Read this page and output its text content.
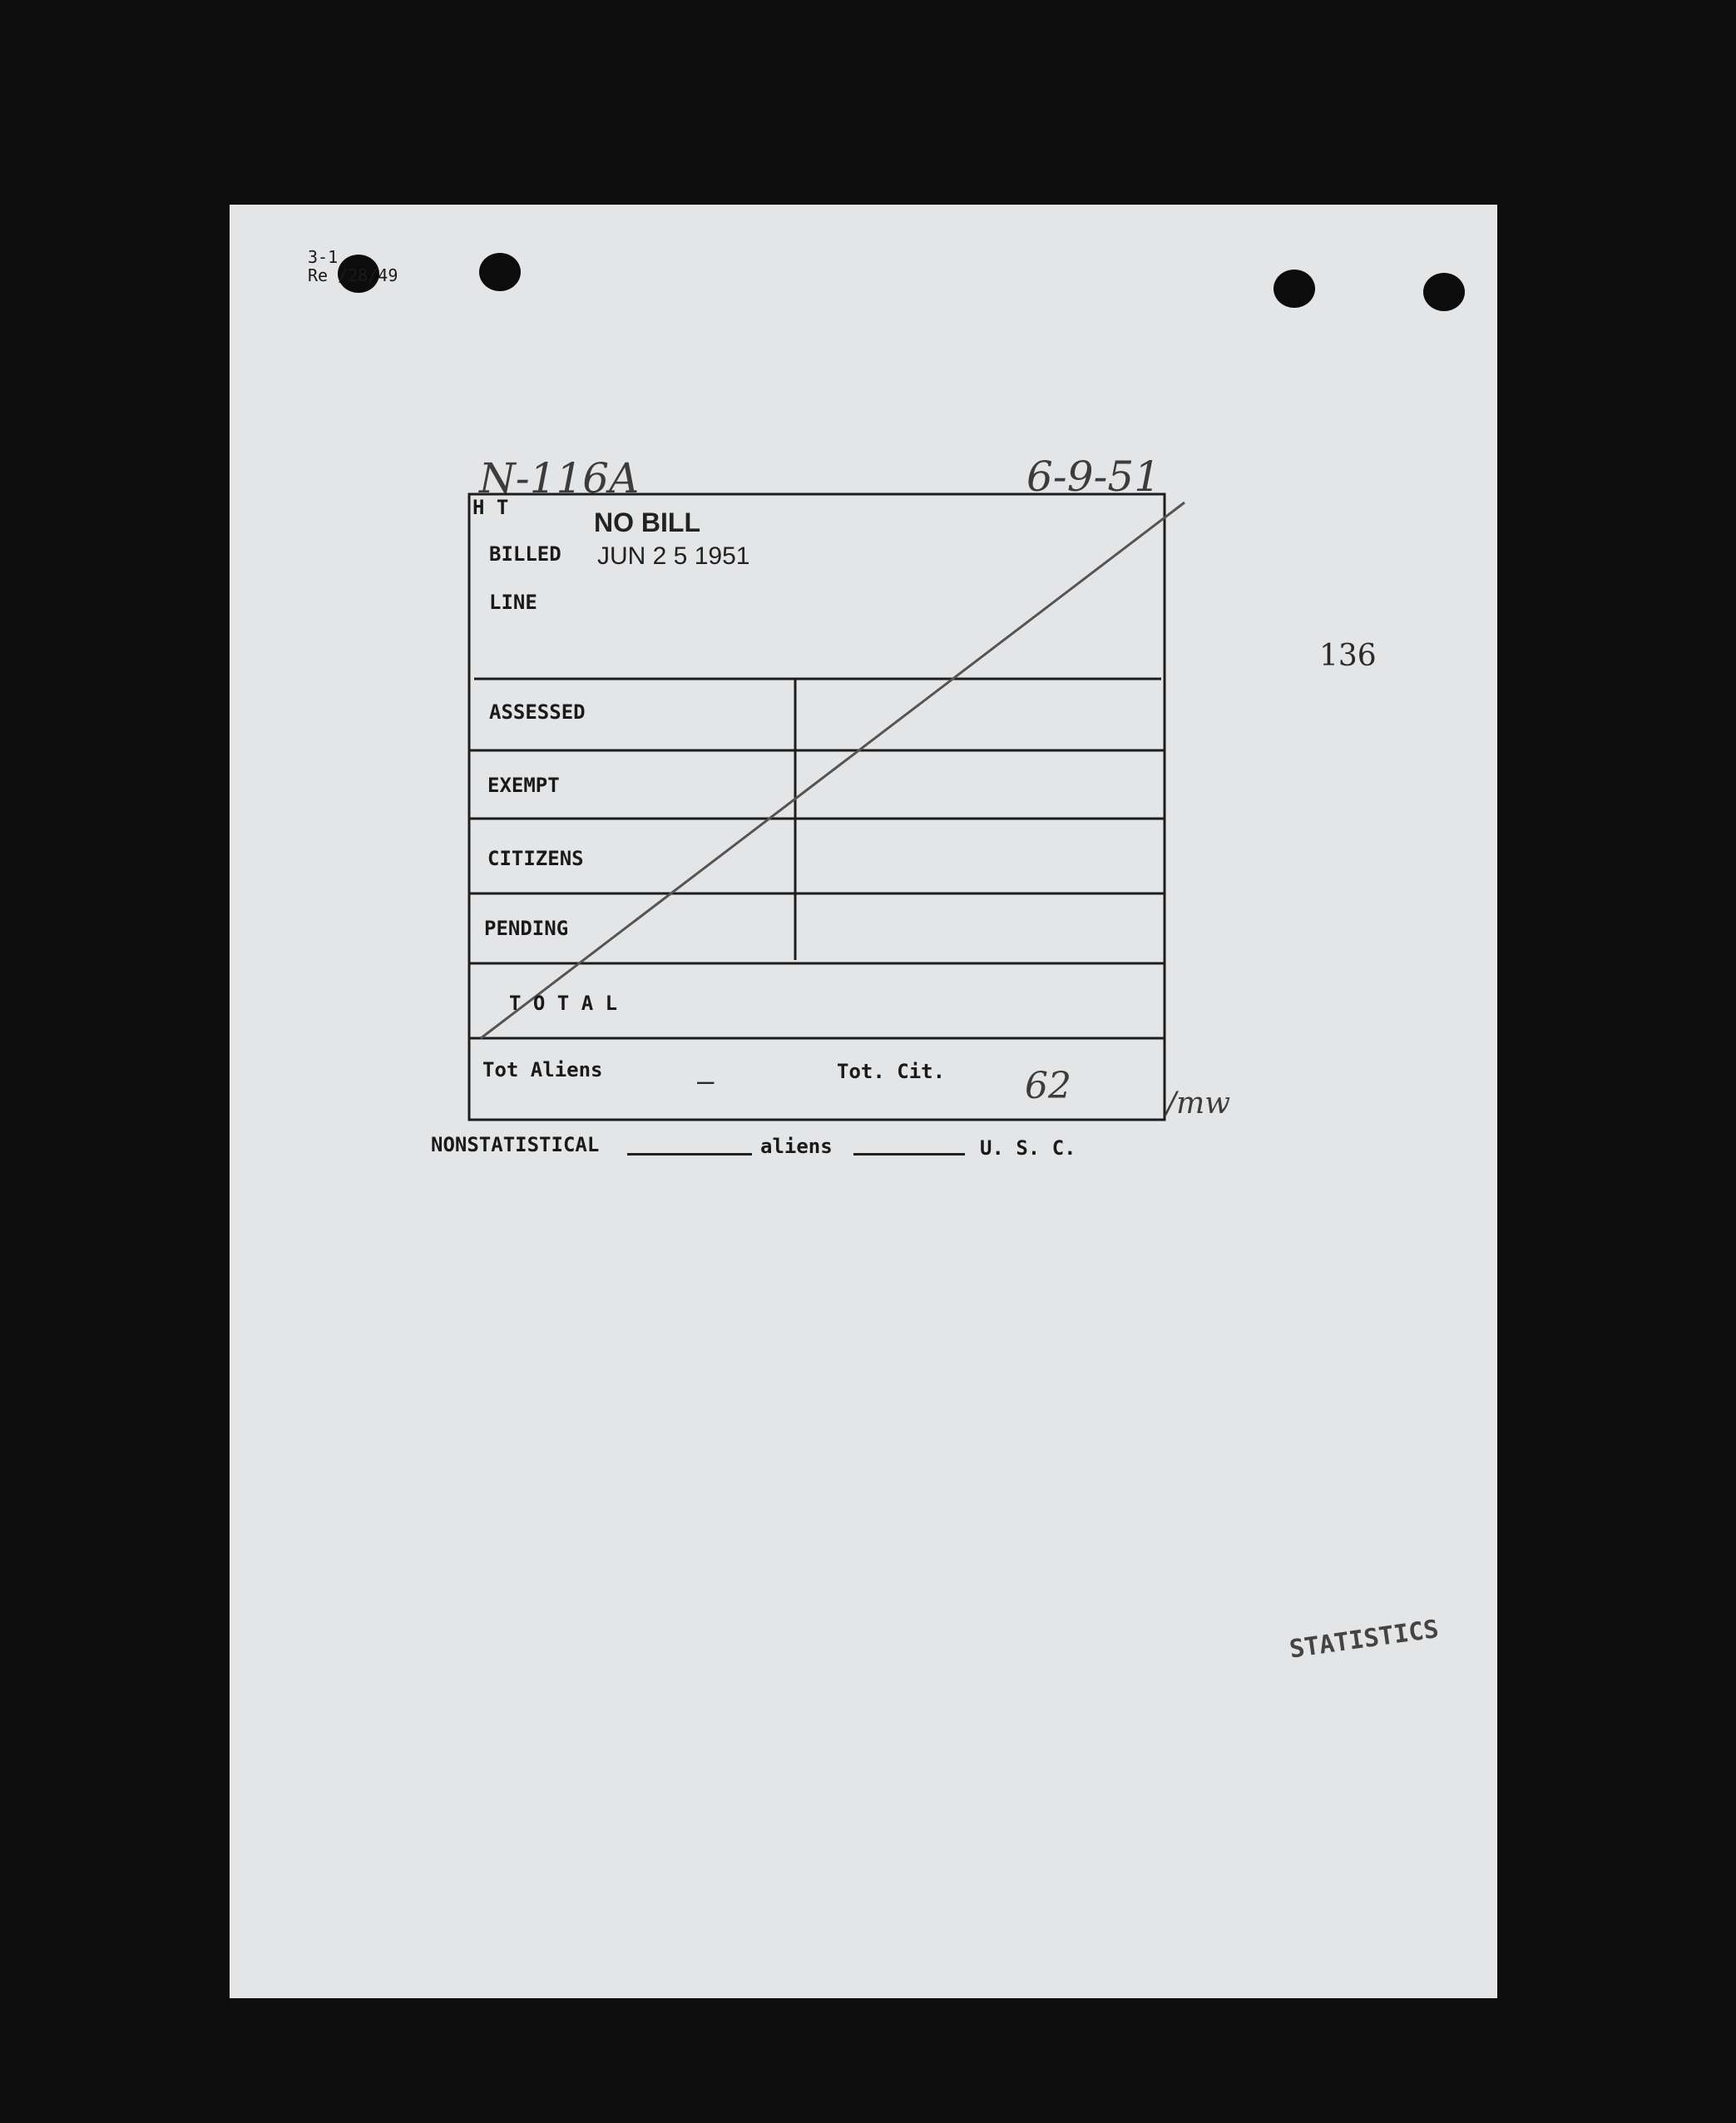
3-1
Re /28/49
N-116A	6-9-51
136
H T
BILLED
LINE
NO BILL
JUN 2 5 1951
ASSESSED
EXEMPT
CITIZENS
PENDING
T O T A L
Tot Aliens	—	Tot. Cit. 62	/mw
NONSTATISTICAL	aliens	U. S. C.
STATISTICS
